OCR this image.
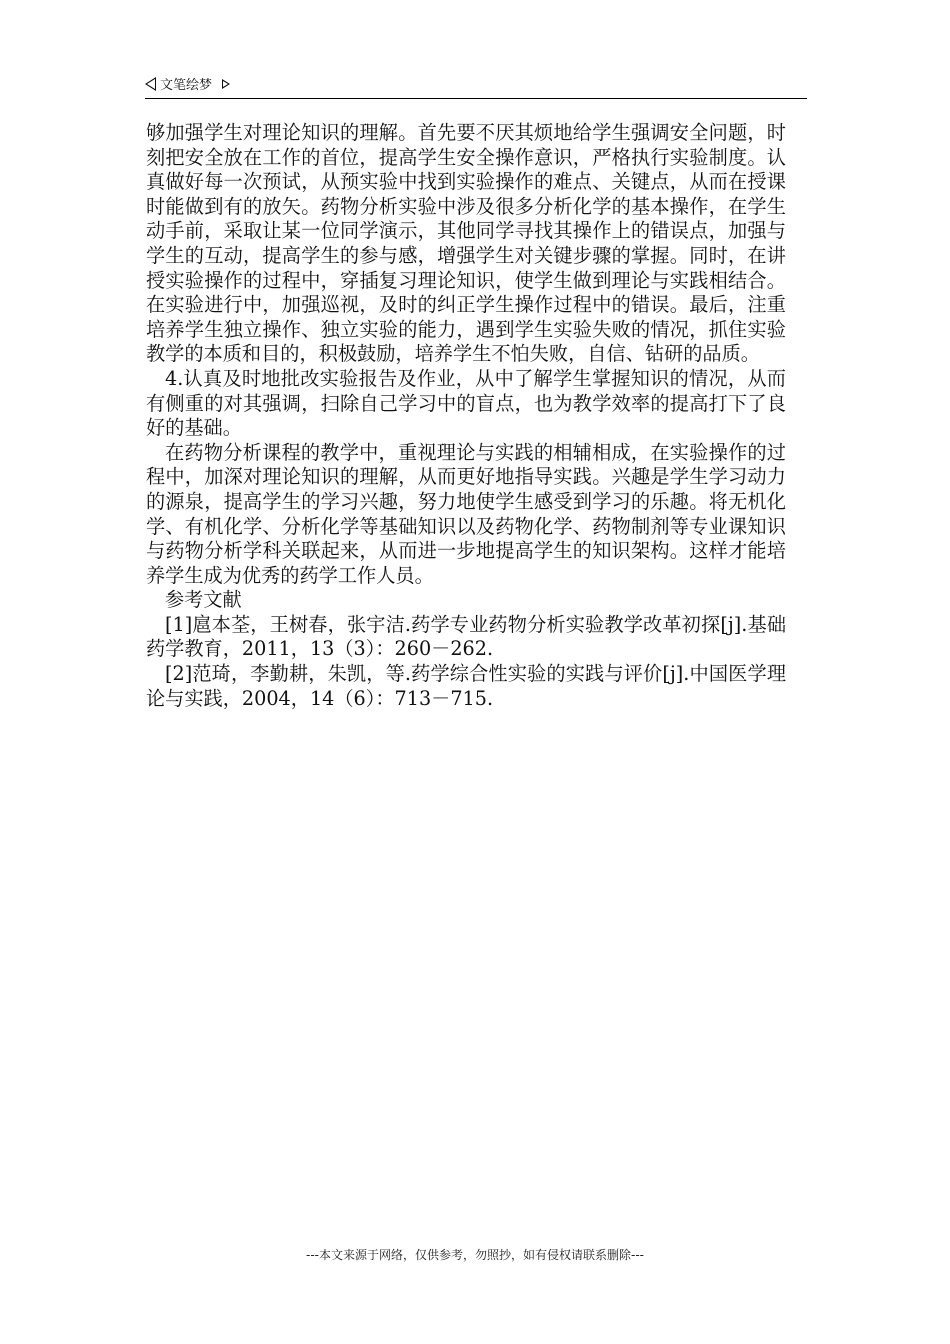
文笔绘梦

够加强学生对理论知识的理解。首先要不厌其烦地给学生强调安全问题，时刻把安全放在工作的首位，提高学生安全操作意识，严格执行实验制度。认真做好每一次预试，从预实验中找到实验操作的难点、关键点，从而在授课时能做到有的放矢。药物分析实验中涉及很多分析化学的基本操作，在学生动手前，采取让某一位同学演示，其他同学寻找其操作上的错误点，加强与学生的互动，提高学生的参与感，增强学生对关键步骤的掌握。同时，在讲授实验操作的过程中，穿插复习理论知识，使学生做到理论与实践相结合。在实验进行中，加强巡视，及时的纠正学生操作过程中的错误。最后，注重培养学生独立操作、独立实验的能力，遇到学生实验失败的情况，抓住实验教学的本质和目的，积极鼓励，培养学生不怕失败，自信、钻研的品质。

4.认真及时地批改实验报告及作业，从中了解学生掌握知识的情况，从而有侧重的对其强调，扫除自己学习中的盲点，也为教学效率的提高打下了良好的基础。

在药物分析课程的教学中，重视理论与实践的相辅相成，在实验操作的过程中，加深对理论知识的理解，从而更好地指导实践。兴趣是学生学习动力的源泉，提高学生的学习兴趣，努力地使学生感受到学习的乐趣。将无机化学、有机化学、分析化学等基础知识以及药物化学、药物制剂等专业课知识与药物分析学科关联起来，从而进一步地提高学生的知识架构。这样才能培养学生成为优秀的药学工作人员。

参考文献

[1]扈本荃，王树春，张宇洁.药学专业药物分析实验教学改革初探[j].基础药学教育，2011，13（3）：260－262.

[2]范琦，李勤耕，朱凯，等.药学综合性实验的实践与评价[j].中国医学理论与实践，2004，14（6）：713－715.

---本文来源于网络，仅供参考，勿照抄，如有侵权请联系删除---
